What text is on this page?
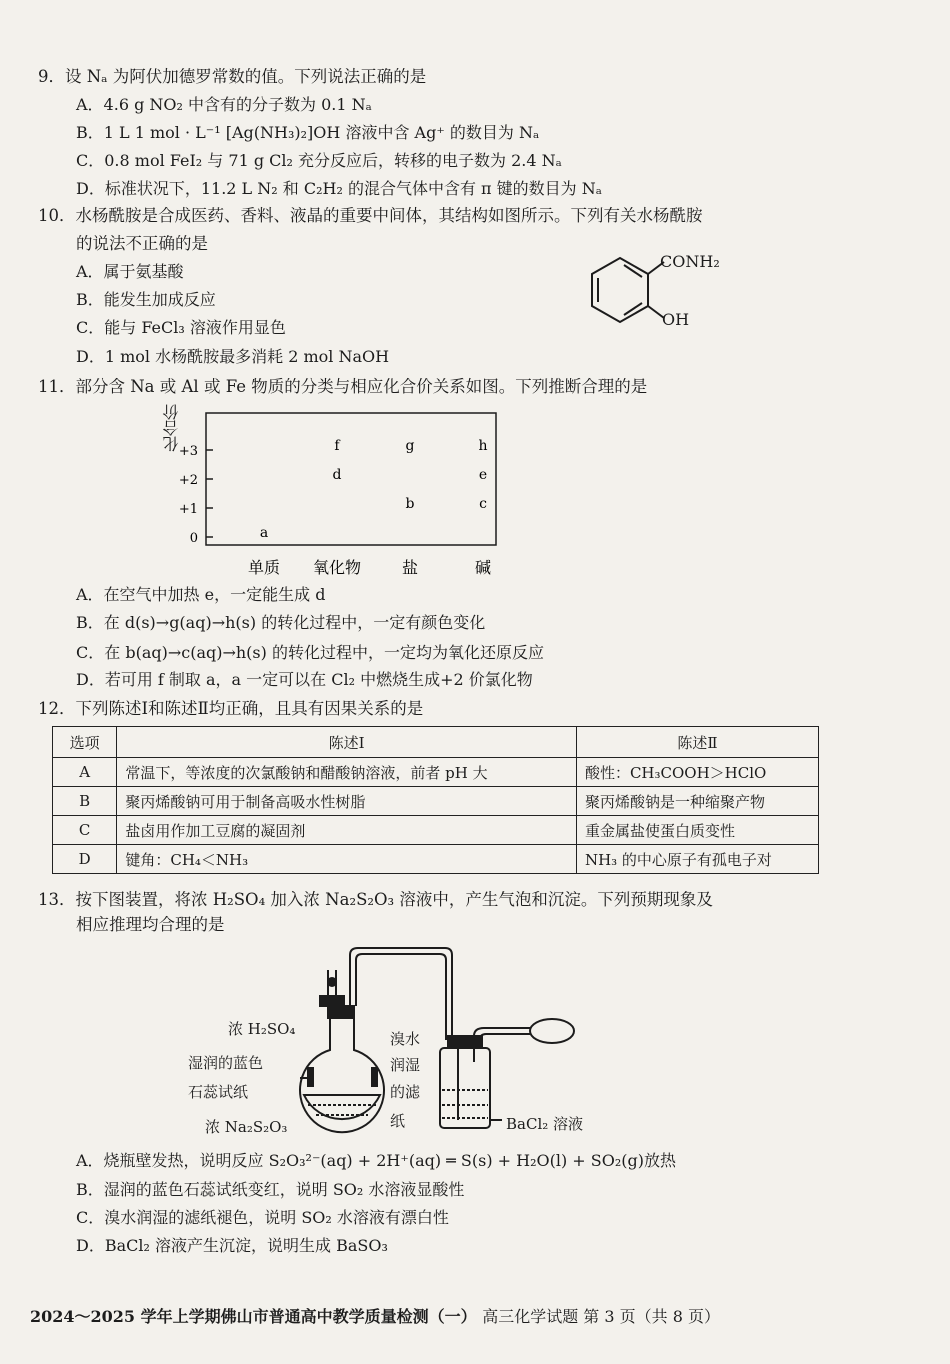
9．设 Nₐ 为阿伏加德罗常数的值。下列说法正确的是
A．4.6 g NO₂ 中含有的分子数为 0.1 Nₐ
B．1 L 1 mol · L⁻¹ [Ag(NH₃)₂]OH 溶液中含 Ag⁺ 的数目为 Nₐ
C．0.8 mol FeI₂ 与 71 g Cl₂ 充分反应后，转移的电子数为 2.4 Nₐ
D．标准状况下，11.2 L N₂ 和 C₂H₂ 的混合气体中含有 π 键的数目为 Nₐ
10．水杨酰胺是合成医药、香料、液晶的重要中间体，其结构如图所示。下列有关水杨酰胺
的说法不正确的是
A．属于氨基酸
B．能发生加成反应
C．能与 FeCl₃ 溶液作用显色
D．1 mol 水杨酰胺最多消耗 2 mol NaOH
CONH₂
OH
11．部分含 Na 或 Al 或 Fe 物质的分类与相应化合价关系如图。下列推断合理的是
化合价
+3
+2
+1
0	a
f
d
g
b
h
e
c
单质 氧化物	盐	碱
A．在空气中加热 e，一定能生成 d
B．在 d(s)→g(aq)→h(s) 的转化过程中，一定有颜色变化
C．在 b(aq)→c(aq)→h(s) 的转化过程中，一定均为氧化还原反应
D．若可用 f 制取 a，a 一定可以在 Cl₂ 中燃烧生成+2 价氯化物
12．下列陈述Ⅰ和陈述Ⅱ均正确，且具有因果关系的是
选项	陈述Ⅰ	陈述Ⅱ
A	常温下，等浓度的次氯酸钠和醋酸钠溶液，前者 pH 大	酸性：CH₃COOH＞HClO
B	聚丙烯酸钠可用于制备高吸水性树脂	聚丙烯酸钠是一种缩聚产物
C	盐卤用作加工豆腐的凝固剂	重金属盐使蛋白质变性
D	键角：CH₄＜NH₃	NH₃ 的中心原子有孤电子对
13．按下图装置，将浓 H₂SO₄ 加入浓 Na₂S₂O₃ 溶液中，产生气泡和沉淀。下列预期现象及
相应推理均合理的是
浓 H₂SO₄
湿润的蓝色
石蕊试纸
浓 Na₂S₂O₃
溴水
润湿
的滤
纸	BaCl₂ 溶液
A．烧瓶壁发热，说明反应 S₂O₃²⁻(aq) + 2H⁺(aq) ═ S(s) + H₂O(l) + SO₂(g)放热
B．湿润的蓝色石蕊试纸变红，说明 SO₂ 水溶液显酸性
C．溴水润湿的滤纸褪色，说明 SO₂ 水溶液有漂白性
D．BaCl₂ 溶液产生沉淀，说明生成 BaSO₃
2024～2025 学年上学期佛山市普通高中教学质量检测（一） 高三化学试题 第 3 页（共 8 页）
